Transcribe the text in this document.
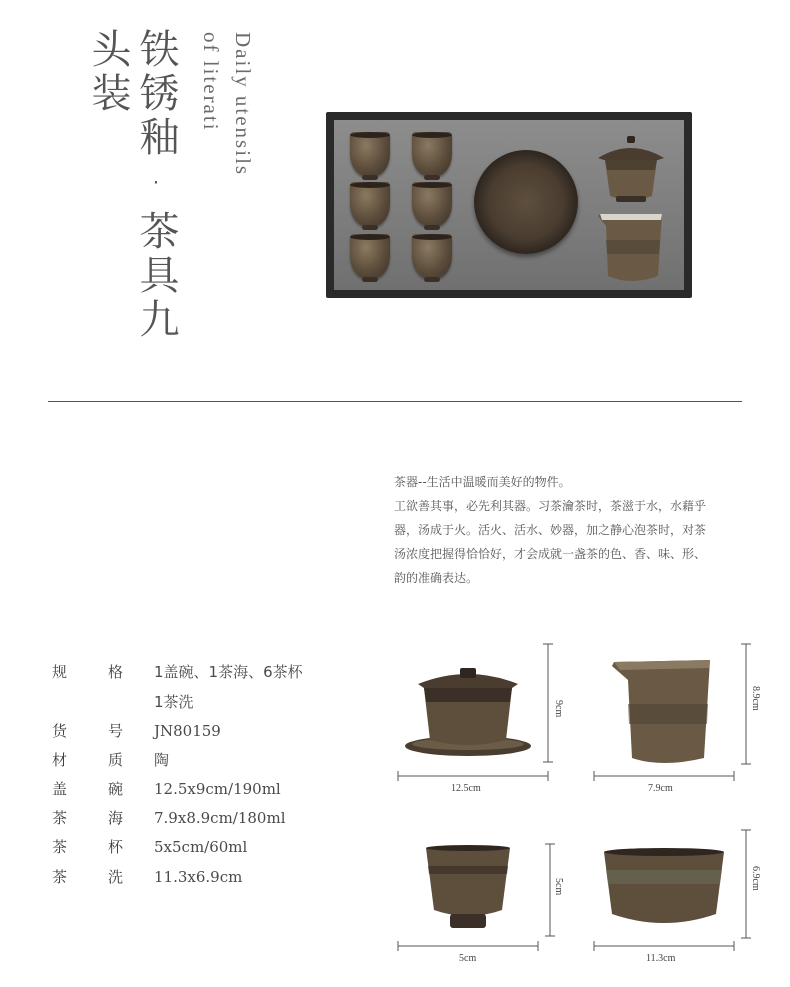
铁锈釉·茶具九
头装	Daily utensils
of literati

茶器--生活中温暖而美好的物件。

工欲善其事，必先利其器。习茶瀹茶时，茶滋于水，水藉乎

器，汤成于火。活火、活水、妙器，加之静心泡茶时，对茶

汤浓度把握得恰恰好，才会成就一盏茶的色、香、味、形、

韵的准确表达。

规	格 1盖碗、1茶海、6茶杯
1茶洗
货	号 JN80159
材	质 陶
盖	碗 12.5x9cm/190ml
茶	海 7.9x8.9cm/180ml
茶	杯 5x5cm/60ml
茶	洗 11.3x6.9cm
12.5cm
9cm
7.9cm
8.9cm
5cm
5cm
11.3cm
6.9cm
